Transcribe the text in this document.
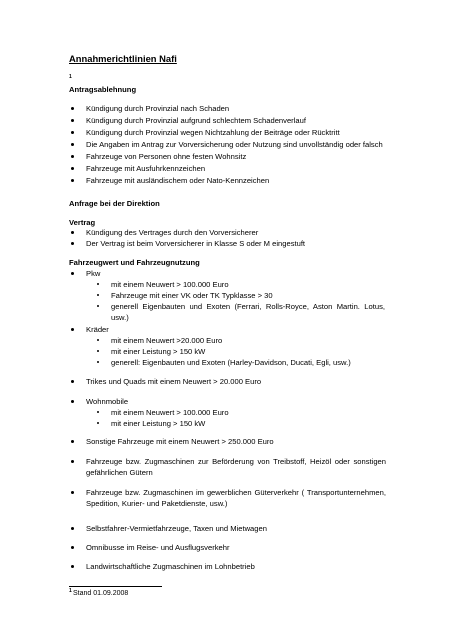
Annahmerichtlinien Nafi
1
Antragsablehnung
Kündigung durch Provinzial nach Schaden
Kündigung durch Provinzial aufgrund schlechtem Schadenverlauf
Kündigung durch Provinzial wegen Nichtzahlung der Beiträge oder Rücktritt
Die Angaben im Antrag zur Vorversicherung oder Nutzung sind unvollständig oder falsch
Fahrzeuge von Personen ohne festen Wohnsitz
Fahrzeuge mit Ausfuhrkennzeichen
Fahrzeuge mit ausländischem oder Nato-Kennzeichen
Anfrage bei der Direktion
Vertrag
Kündigung des Vertrages durch den Vorversicherer
Der Vertrag ist beim Vorversicherer in Klasse S oder M eingestuft
Fahrzeugwert und Fahrzeugnutzung
Pkw
mit einem Neuwert > 100.000 Euro
Fahrzeuge mit einer VK oder TK Typklasse > 30
generell Eigenbauten und Exoten (Ferrari, Rolls-Royce, Aston Martin. Lotus,
usw.)
Kräder
mit einem Neuwert >20.000 Euro
mit einer Leistung > 150 kW
generell: Eigenbauten und Exoten (Harley-Davidson, Ducati, Egli, usw.)
Trikes und Quads mit einem Neuwert > 20.000 Euro
Wohnmobile
mit einem Neuwert > 100.000 Euro
mit einer Leistung > 150 kW
Sonstige Fahrzeuge mit einem Neuwert > 250.000 Euro
Fahrzeuge bzw. Zugmaschinen zur Beförderung von Treibstoff, Heizöl oder sonstigen
gefährlichen Gütern
Fahrzeuge bzw. Zugmaschinen im gewerblichen Güterverkehr ( Transportunternehmen,
Spedition, Kurier- und Paketdienste, usw.)
Selbstfahrer-Vermietfahrzeuge, Taxen und Mietwagen
Omnibusse im Reise- und Ausflugsverkehr
Landwirtschaftliche Zugmaschinen im Lohnbetrieb
1 Stand 01.09.2008
